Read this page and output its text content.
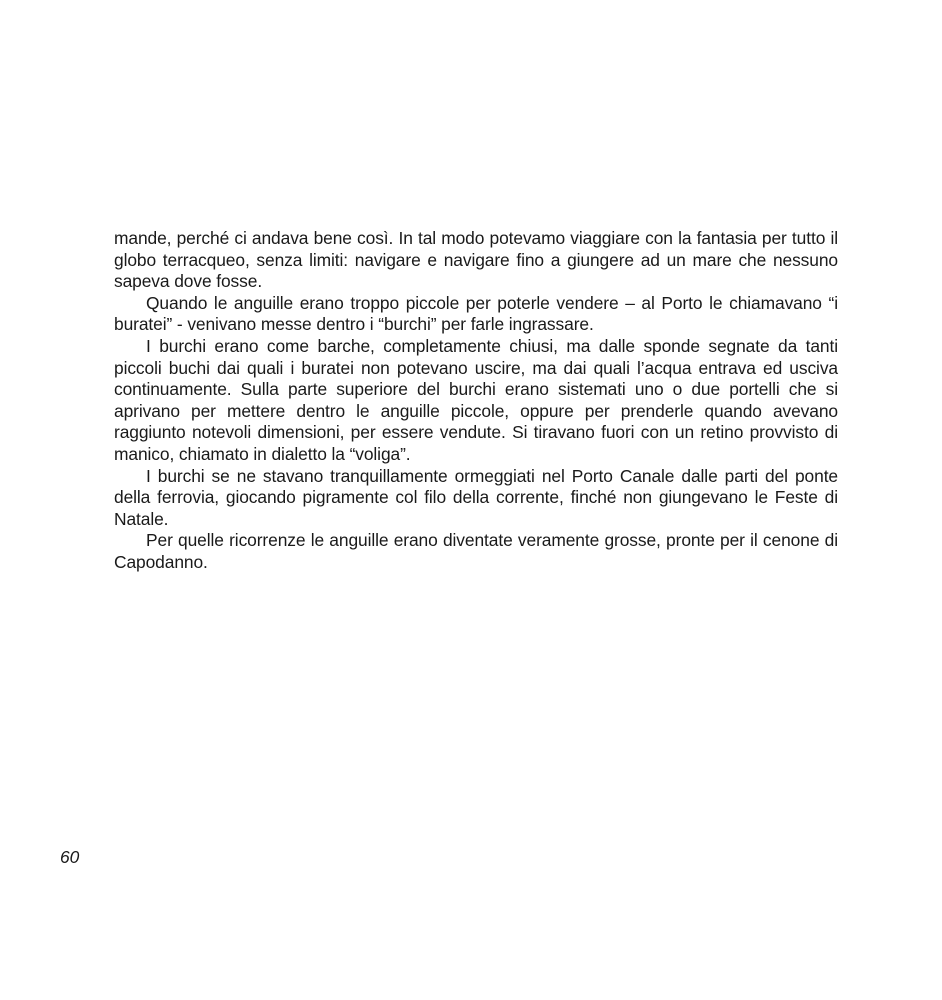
mande, perché ci andava bene così. In tal modo potevamo viaggiare con la fantasia per tutto il globo terracqueo, senza limiti: navigare e navigare fino a giungere ad un mare che nessuno sapeva dove fosse.

Quando le anguille erano troppo piccole per poterle vendere – al Porto le chiamavano “i buratei” - venivano messe dentro i “burchi” per farle ingrassare.

I burchi erano come barche, completamente chiusi, ma dalle sponde segnate da tanti piccoli buchi dai quali i buratei non potevano uscire, ma dai quali l’acqua entrava ed usciva continuamente. Sulla parte superiore del burchi erano sistemati uno o due portelli che si aprivano per mettere dentro le anguille piccole, oppure per prenderle quando avevano raggiunto notevoli dimensioni, per essere vendute. Si tiravano fuori con un retino provvisto di manico, chiamato in dialetto la “voliga”.

I burchi se ne stavano tranquillamente ormeggiati nel Porto Canale dalle parti del ponte della ferrovia, giocando pigramente col filo della corrente, finché non giungevano le Feste di Natale.

Per quelle ricorrenze le anguille erano diventate veramente grosse, pronte per il cenone di Capodanno.

60
